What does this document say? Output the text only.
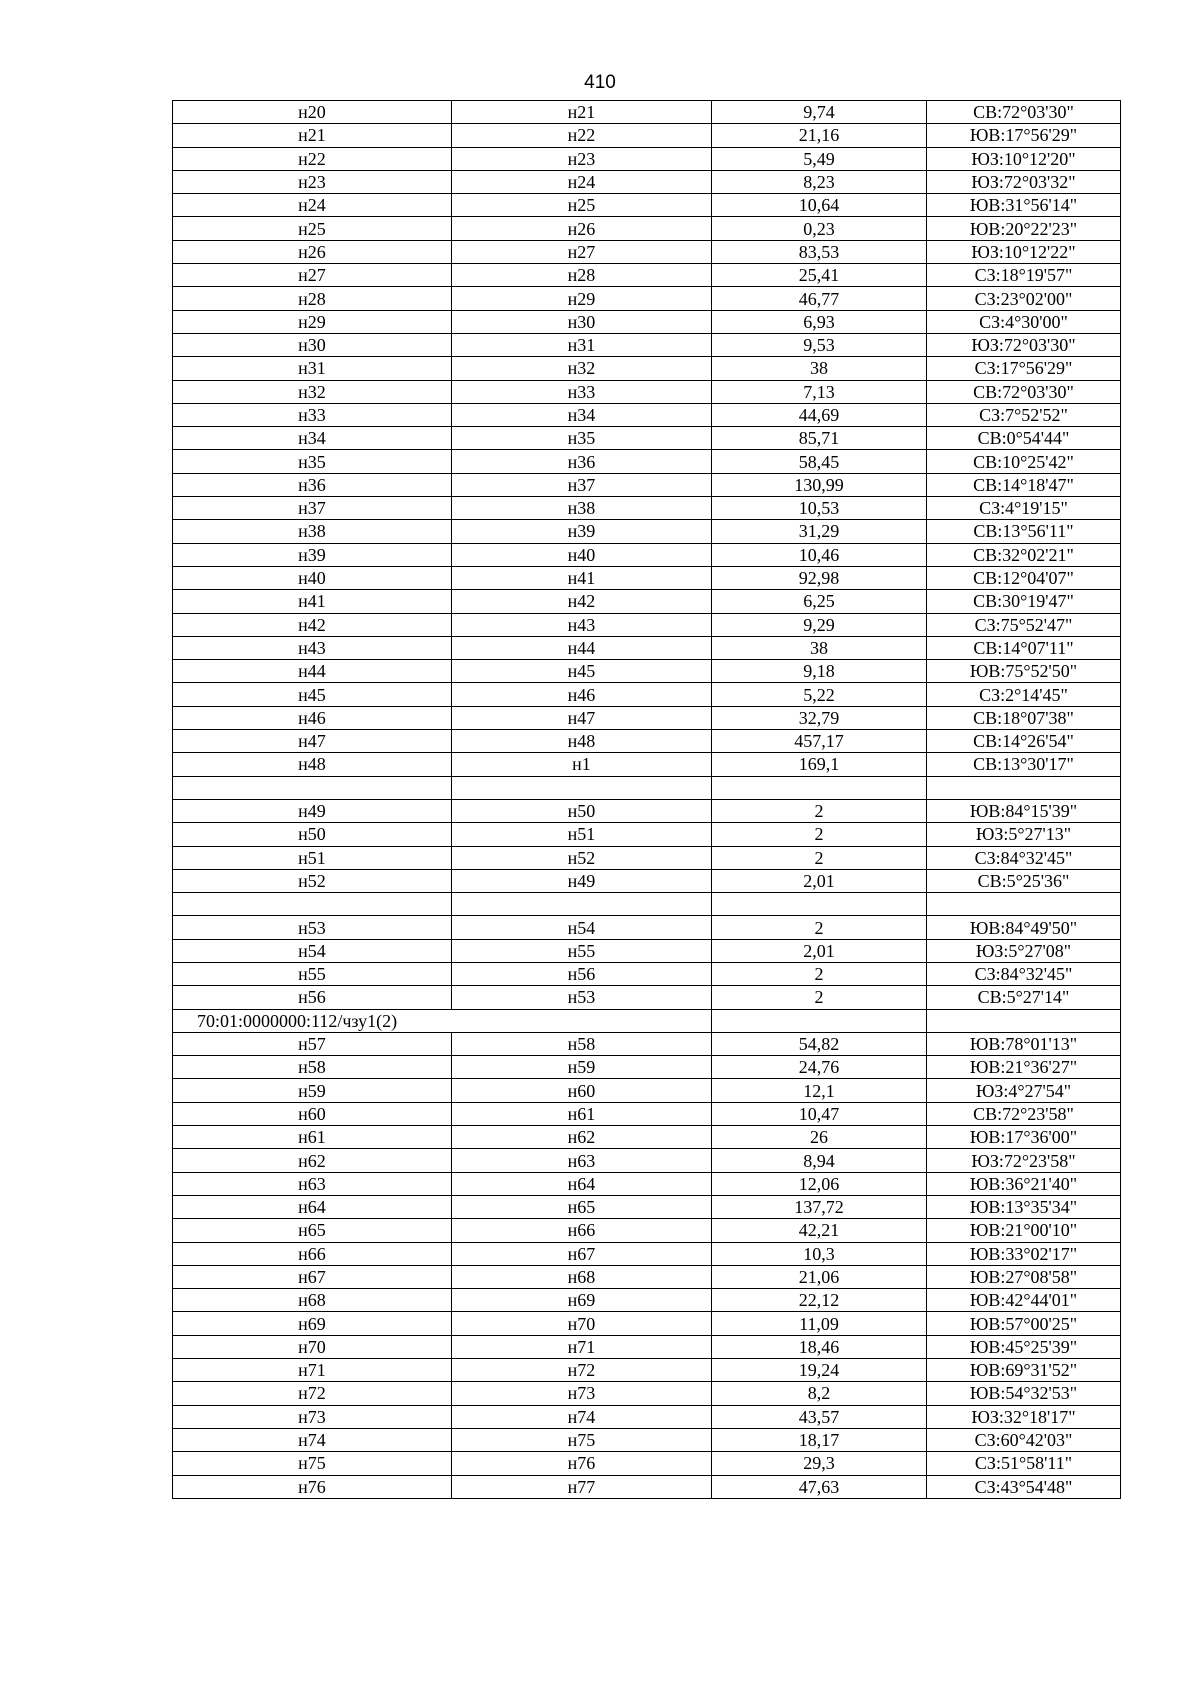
410
н20	н21	9,74	СВ:72°03'30"
н21	н22	21,16	ЮВ:17°56'29"
н22	н23	5,49	ЮЗ:10°12'20"
н23	н24	8,23	ЮЗ:72°03'32"
н24	н25	10,64	ЮВ:31°56'14"
н25	н26	0,23	ЮВ:20°22'23"
н26	н27	83,53	ЮЗ:10°12'22"
н27	н28	25,41	СЗ:18°19'57"
н28	н29	46,77	СЗ:23°02'00"
н29	н30	6,93	СЗ:4°30'00"
н30	н31	9,53	ЮЗ:72°03'30"
н31	н32	38	СЗ:17°56'29"
н32	н33	7,13	СВ:72°03'30"
н33	н34	44,69	СЗ:7°52'52"
н34	н35	85,71	СВ:0°54'44"
н35	н36	58,45	СВ:10°25'42"
н36	н37	130,99	СВ:14°18'47"
н37	н38	10,53	СЗ:4°19'15"
н38	н39	31,29	СВ:13°56'11"
н39	н40	10,46	СВ:32°02'21"
н40	н41	92,98	СВ:12°04'07"
н41	н42	6,25	СВ:30°19'47"
н42	н43	9,29	СЗ:75°52'47"
н43	н44	38	СВ:14°07'11"
н44	н45	9,18	ЮВ:75°52'50"
н45	н46	5,22	СЗ:2°14'45"
н46	н47	32,79	СВ:18°07'38"
н47	н48	457,17	СВ:14°26'54"
н48	н1	169,1	СВ:13°30'17"

н49	н50	2	ЮВ:84°15'39"
н50	н51	2	ЮЗ:5°27'13"
н51	н52	2	СЗ:84°32'45"
н52	н49	2,01	СВ:5°25'36"

н53	н54	2	ЮВ:84°49'50"
н54	н55	2,01	ЮЗ:5°27'08"
н55	н56	2	СЗ:84°32'45"
н56	н53	2	СВ:5°27'14"
70:01:0000000:112/чзу1(2)			
н57	н58	54,82	ЮВ:78°01'13"
н58	н59	24,76	ЮВ:21°36'27"
н59	н60	12,1	ЮЗ:4°27'54"
н60	н61	10,47	СВ:72°23'58"
н61	н62	26	ЮВ:17°36'00"
н62	н63	8,94	ЮЗ:72°23'58"
н63	н64	12,06	ЮВ:36°21'40"
н64	н65	137,72	ЮВ:13°35'34"
н65	н66	42,21	ЮВ:21°00'10"
н66	н67	10,3	ЮВ:33°02'17"
н67	н68	21,06	ЮВ:27°08'58"
н68	н69	22,12	ЮВ:42°44'01"
н69	н70	11,09	ЮВ:57°00'25"
н70	н71	18,46	ЮВ:45°25'39"
н71	н72	19,24	ЮВ:69°31'52"
н72	н73	8,2	ЮВ:54°32'53"
н73	н74	43,57	ЮЗ:32°18'17"
н74	н75	18,17	СЗ:60°42'03"
н75	н76	29,3	СЗ:51°58'11"
н76	н77	47,63	СЗ:43°54'48"
